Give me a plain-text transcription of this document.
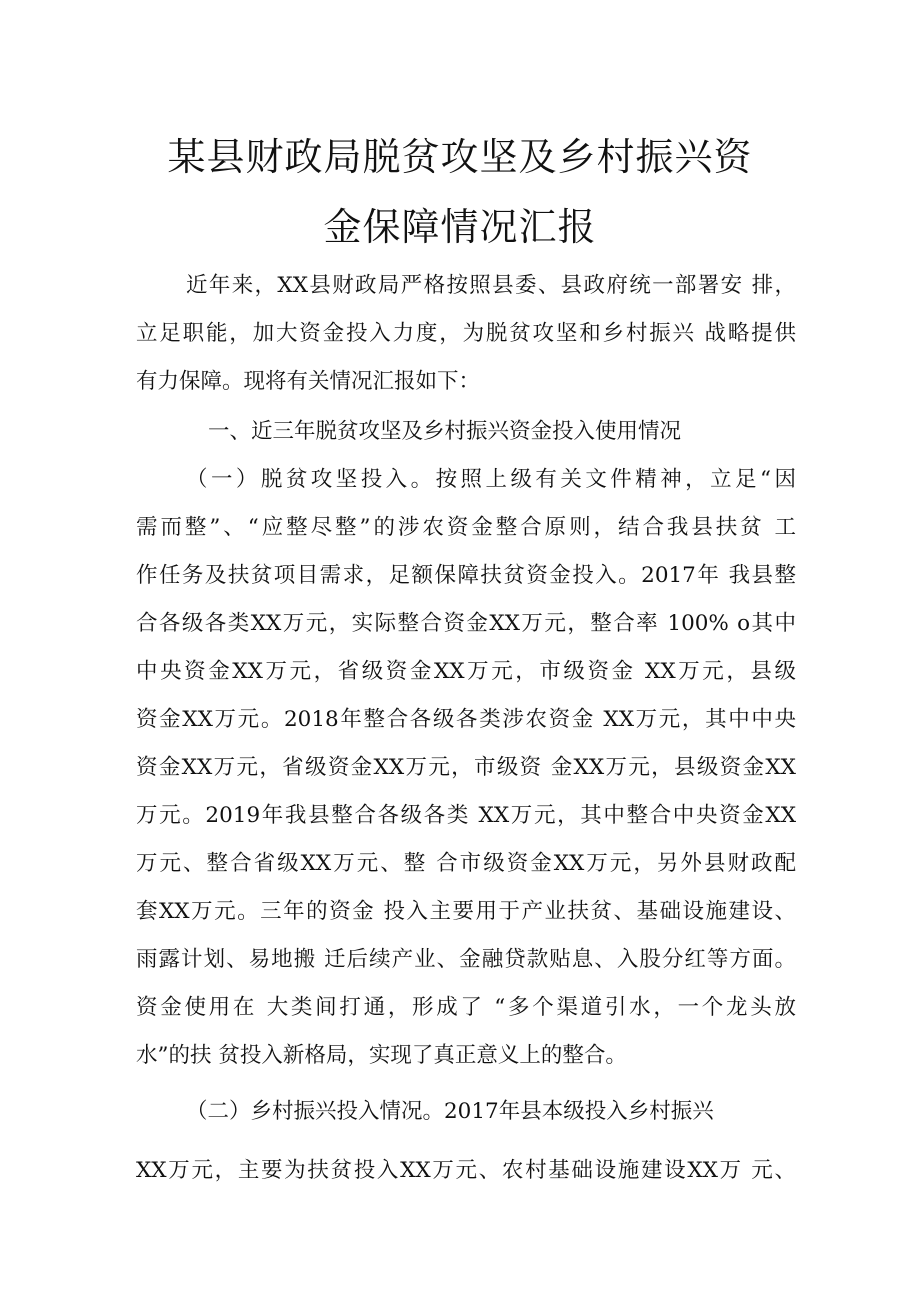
某县财政局脱贫攻坚及乡村振兴资
金保障情况汇报
近年来，XX县财政局严格按照县委、县政府统一部署安 排，
立足职能，加大资金投入力度，为脱贫攻坚和乡村振兴 战略提供
有力保障。现将有关情况汇报如下：
一、近三年脱贫攻坚及乡村振兴资金投入使用情况
（一）脱贫攻坚投入。按照上级有关文件精神，立足“因
需而整”、“应整尽整”的涉农资金整合原则，结合我县扶贫 工
作任务及扶贫项目需求，足额保障扶贫资金投入。2017年 我县整
合各级各类XX万元，实际整合资金XX万元，整合率 100% o其中
中央资金XX万元，省级资金XX万元，市级资金 XX万元，县级
资金XX万元。2018年整合各级各类涉农资金 XX万元，其中中央
资金XX万元，省级资金XX万元，市级资 金XX万元，县级资金XX
万元。2019年我县整合各级各类 XX万元，其中整合中央资金XX
万元、整合省级XX万元、整 合市级资金XX万元，另外县财政配
套XX万元。三年的资金 投入主要用于产业扶贫、基础设施建设、
雨露计划、易地搬 迁后续产业、金融贷款贴息、入股分红等方面。
资金使用在 大类间打通，形成了 “多个渠道引水，一个龙头放
水”的扶 贫投入新格局，实现了真正意义上的整合。
（二）乡村振兴投入情况。2017年县本级投入乡村振兴
XX万元，主要为扶贫投入XX万元、农村基础设施建设XX万 元、
